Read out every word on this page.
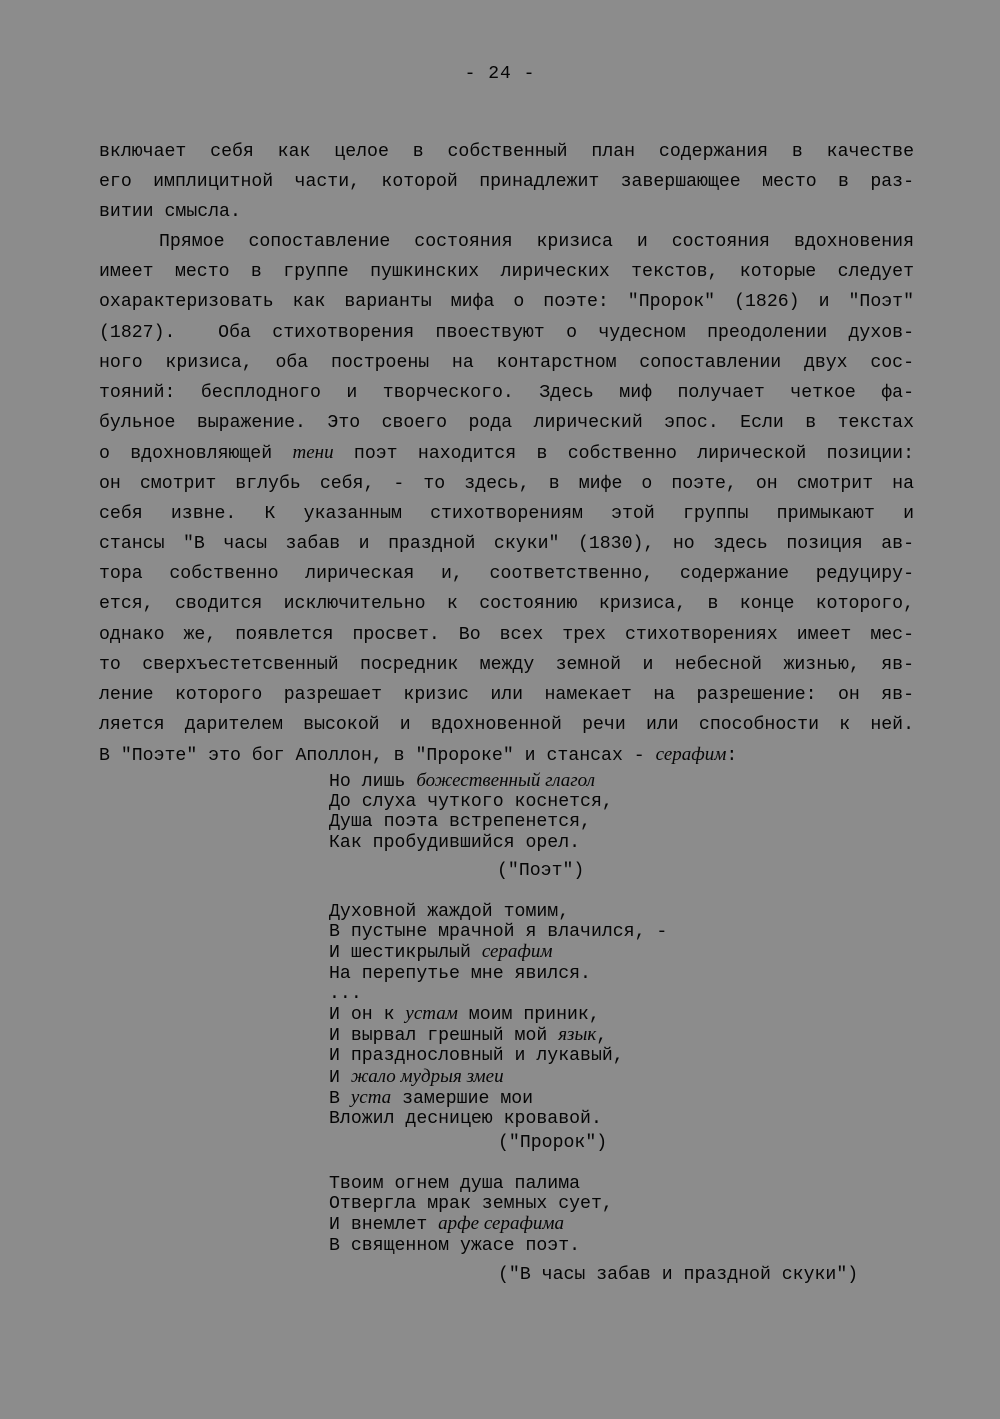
- 24 -
включает себя как целое в собственный план содержания в качестве
его имплицитной части, которой принадлежит завершающее место в раз-
витии смысла.
Прямое сопоставление состояния кризиса и состояния вдохновения
имеет место в группе пушкинских лирических текстов, которые следует
охарактеризовать как варианты мифа о поэте: "Пророк" (1826) и "Поэт"
(1827).  Оба стихотворения пвоествуют о чудесном преодолении духов-
ного кризиса, оба построены на контарстном сопоставлении двух сос-
тояний: бесплодного и творческого. Здесь миф получает четкое фа-
бульное выражение. Это своего рода лирический эпос. Если в текстах
о вдохновляющей тени поэт находится в собственно лирической позиции:
он смотрит вглубь себя, - то здесь, в мифе о поэте, он смотрит на
себя извне. К указанным стихотворениям этой группы примыкают и
стансы "В часы забав и праздной скуки" (1830), но здесь позиция ав-
тора собственно лирическая и, соответственно, содержание редуциру-
ется, сводится исключительно к состоянию кризиса, в конце которого,
однако же, появлется просвет. Во всех трех стихотворениях имеет мес-
то сверхъестетсвенный посредник между земной и небесной жизнью, яв-
ление которого разрешает кризис или намекает на разрешение: он яв-
ляется дарителем высокой и вдохновенной речи или способности к ней.
В "Поэте" это бог Аполлон, в "Пророке" и стансах - серафим:
Но лишь божественный глагол
До слуха чуткого коснется,
Душа поэта встрепенется,
Как пробудившийся орел.
("Поэт")
Духовной жаждой томим,
В пустыне мрачной я влачился, -
И шестикрылый серафим
На перепутье мне явился.
...
И он к устам моим приник,
И вырвал грешный мой язык,
И празднословный и лукавый,
И жало мудрыя змеи
В уста замершие мои
Вложил десницею кровавой.
("Пророк")
Твоим огнем душа палима
Отвергла мрак земных сует,
И внемлет арфе серафима
В священном ужасе поэт.
("В часы забав и праздной скуки")
